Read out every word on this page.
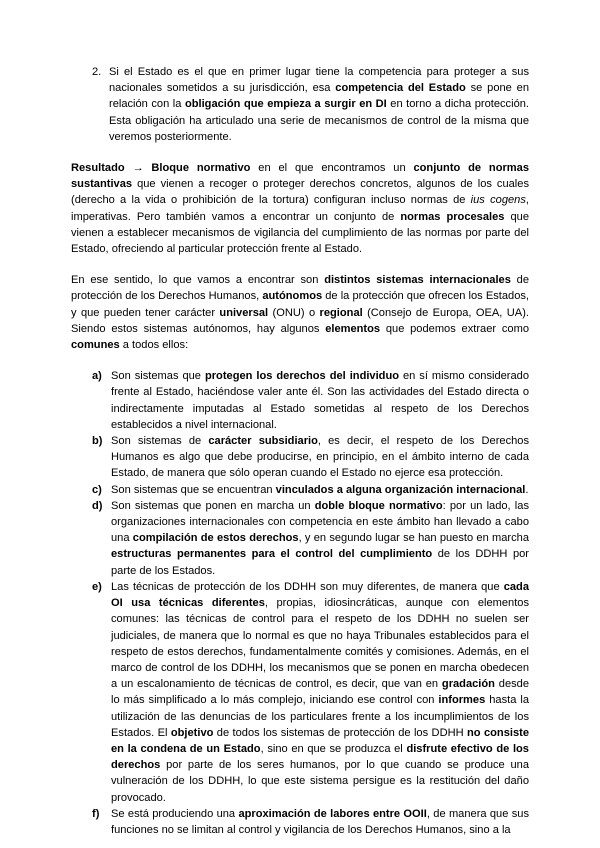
2. Si el Estado es el que en primer lugar tiene la competencia para proteger a sus nacionales sometidos a su jurisdicción, esa competencia del Estado se pone en relación con la obligación que empieza a surgir en DI en torno a dicha protección. Esta obligación ha articulado una serie de mecanismos de control de la misma que veremos posteriormente.

Resultado → Bloque normativo en el que encontramos un conjunto de normas sustantivas que vienen a recoger o proteger derechos concretos, algunos de los cuales (derecho a la vida o prohibición de la tortura) configuran incluso normas de ius cogens, imperativas. Pero también vamos a encontrar un conjunto de normas procesales que vienen a establecer mecanismos de vigilancia del cumplimiento de las normas por parte del Estado, ofreciendo al particular protección frente al Estado.

En ese sentido, lo que vamos a encontrar son distintos sistemas internacionales de protección de los Derechos Humanos, autónomos de la protección que ofrecen los Estados, y que pueden tener carácter universal (ONU) o regional (Consejo de Europa, OEA, UA). Siendo estos sistemas autónomos, hay algunos elementos que podemos extraer como comunes a todos ellos:

a) Son sistemas que protegen los derechos del individuo en sí mismo considerado frente al Estado, haciéndose valer ante él. Son las actividades del Estado directa o indirectamente imputadas al Estado sometidas al respeto de los Derechos establecidos a nivel internacional.
b) Son sistemas de carácter subsidiario, es decir, el respeto de los Derechos Humanos es algo que debe producirse, en principio, en el ámbito interno de cada Estado, de manera que sólo operan cuando el Estado no ejerce esa protección.
c) Son sistemas que se encuentran vinculados a alguna organización internacional.
d) Son sistemas que ponen en marcha un doble bloque normativo: por un lado, las organizaciones internacionales con competencia en este ámbito han llevado a cabo una compilación de estos derechos, y en segundo lugar se han puesto en marcha estructuras permanentes para el control del cumplimiento de los DDHH por parte de los Estados.
e) Las técnicas de protección de los DDHH son muy diferentes, de manera que cada OI usa técnicas diferentes, propias, idiosincráticas, aunque con elementos comunes: las técnicas de control para el respeto de los DDHH no suelen ser judiciales, de manera que lo normal es que no haya Tribunales establecidos para el respeto de estos derechos, fundamentalmente comités y comisiones. Además, en el marco de control de los DDHH, los mecanismos que se ponen en marcha obedecen a un escalonamiento de técnicas de control, es decir, que van en gradación desde lo más simplificado a lo más complejo, iniciando ese control con informes hasta la utilización de las denuncias de los particulares frente a los incumplimientos de los Estados. El objetivo de todos los sistemas de protección de los DDHH no consiste en la condena de un Estado, sino en que se produzca el disfrute efectivo de los derechos por parte de los seres humanos, por lo que cuando se produce una vulneración de los DDHH, lo que este sistema persigue es la restitución del daño provocado.
f) Se está produciendo una aproximación de labores entre OOII, de manera que sus funciones no se limitan al control y vigilancia de los Derechos Humanos, sino a la
